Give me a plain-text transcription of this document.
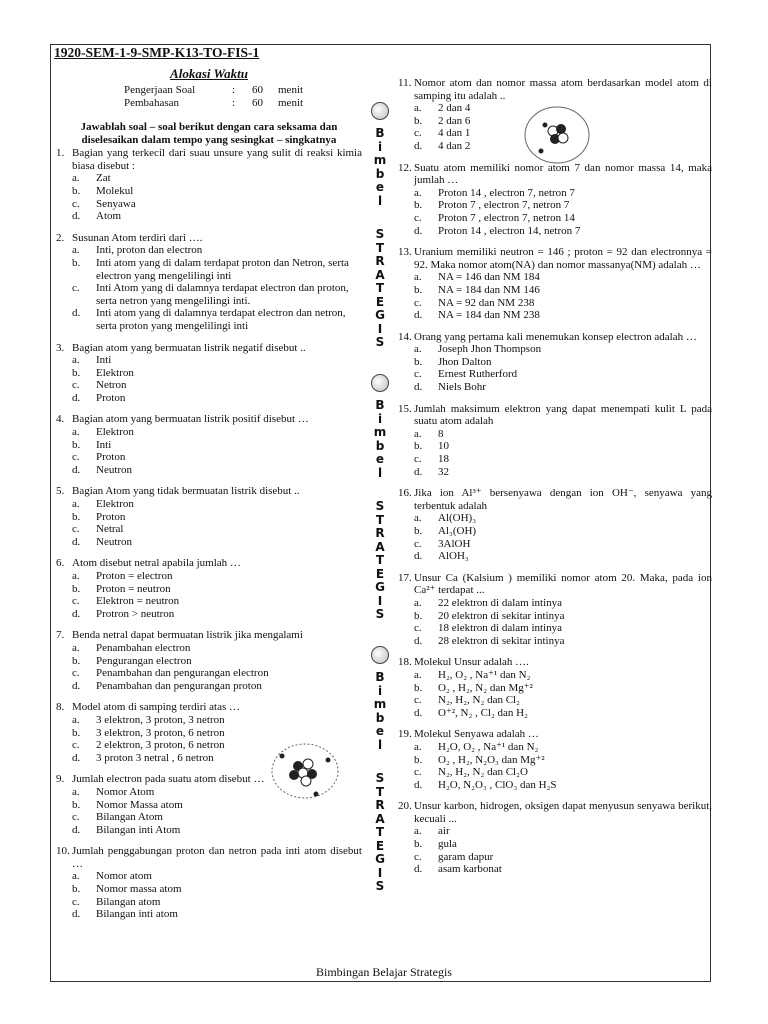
1920-SEM-1-9-SMP-K13-TO-FIS-1
Alokasi Waktu
Pengerjaan Soal	:	60	menit
Pembahasan	:	60	menit
Jawablah soal – soal berikut dengan cara seksama dan diselesaikan dalam tempo yang sesingkat – singkatnya
1. Bagian yang terkecil dari suau unsure yang sulit di reaksi kimia biasa disebut :
a.	Zat
b.	Molekul
c.	Senyawa
d.	Atom
2. Susunan Atom terdiri dari ….
a.	Inti, proton dan electron
b.	Inti atom yang di dalam terdapat proton dan Netron, serta electron yang mengelilingi inti
c.	Inti Atom yang di dalamnya terdapat electron dan proton, serta netron yang mengelilingi inti.
d.	Inti atom yang di dalamnya terdapat electron dan netron, serta proton yang mengelilingi inti
3. Bagian atom yang bermuatan listrik negatif disebut ..
a.	Inti
b.	Elektron
c.	Netron
d.	Proton
4. Bagian atom yang bermuatan listrik positif disebut …
a.	Elektron
b.	Inti
c.	Proton
d.	Neutron
5. Bagian Atom yang tidak bermuatan listrik disebut ..
a.	Elektron
b.	Proton
c.	Netral
d.	Neutron
6. Atom disebut netral apabila jumlah …
a.	Proton = electron
b.	Proton = neutron
c.	Elektron = neutron
d.	Protron > neutron
7. Benda netral dapat bermuatan listrik jika mengalami
a.	Penambahan electron
b.	Pengurangan electron
c.	Penambahan dan pengurangan electron
d.	Penambahan dan pengurangan proton
8. Model atom di samping terdiri atas …
a.	3 elektron, 3 proton, 3 netron
b.	3 elektron, 3 proton, 6 netron
c.	2 elektron, 3 proton, 6 netron
d.	3 proton 3 netral , 6 netron
9. Jumlah electron pada suatu atom disebut …
a.	Nomor Atom
b.	Nomor Massa atom
c.	Bilangan Atom
d.	Bilangan inti Atom
10. Jumlah penggabungan proton dan netron pada inti atom disebut …
a.	Nomor atom
b.	Nomor massa atom
c.	Bilangan atom
d.	Bilangan inti atom
B
i
m
b
e
l
S
T
R
A
T
E
G
I
S
B
i
m
b
e
l
S
T
R
A
T
E
G
I
S
B
i
m
b
e
l
S
T
R
A
T
E
G
I
S
11. Nomor atom dan nomor massa atom berdasarkan model atom di samping itu adalah ..
a.	2 dan 4
b.	2 dan 6
c.	4 dan 1
d.	4 dan 2
12. Suatu atom memiliki nomor atom 7 dan nomor massa 14, maka jumlah …
a.	Proton 14 , electron 7, netron 7
b.	Proton 7 , electron 7, netron 7
c.	Proton 7 , electron 7, netron 14
d.	Proton 14 , electron 14, netron 7
13. Uranium memiliki neutron = 146 ; proton = 92 dan electronnya = 92. Maka nomor atom(NA) dan nomor massanya(NM) adalah …
a.	NA = 146 dan NM 184
b.	NA = 184 dan NM 146
c.	NA = 92 dan NM 238
d.	NA = 184 dan NM 238
14. Orang yang pertama kali menemukan konsep electron adalah …
a.	Joseph Jhon Thompson
b.	Jhon Dalton
c.	Ernest Rutherford
d.	Niels Bohr
15. Jumlah maksimum elektron yang dapat menempati kulit L pada suatu atom adalah
a.	8
b.	10
c.	18
d.	32
16. Jika ion Al³⁺ bersenyawa dengan ion OH⁻, senyawa yang terbentuk adalah
a.	Al(OH)₃
b.	Al₃(OH)
c.	3AlOH
d.	AlOH₃
17. Unsur Ca (Kalsium ) memiliki nomor atom 20. Maka, pada ion Ca²⁺ terdapat ...
a.	22 elektron di dalam intinya
b.	20 elektron di sekitar intinya
c.	18 elektron di dalam intinya
d.	28 elektron di sekitar intinya
18. Molekul Unsur adalah ….
a.	H₂, O₂ , Na⁺¹ dan N₂
b.	O₂ , H₂, N₂ dan Mg⁺²
c.	N₂, H₂, N₂ dan Cl₂
d.	O⁺², N₂ , Cl₂ dan H₂
19. Molekul Senyawa adalah …
a.	H₂O, O₂ , Na⁺¹ dan N₂
b.	O₂ , H₂, N₂O₃ dan Mg⁺²
c.	N₂, H₂, N₂ dan Cl₂O
d.	H₂O, N₂O₃ , ClO₃ dan H₂S
20. Unsur karbon, hidrogen, oksigen dapat menyusun senyawa berikut, kecuali ...
a.	air
b.	gula
c.	garam dapur
d.	asam karbonat
Bimbingan Belajar Strategis
